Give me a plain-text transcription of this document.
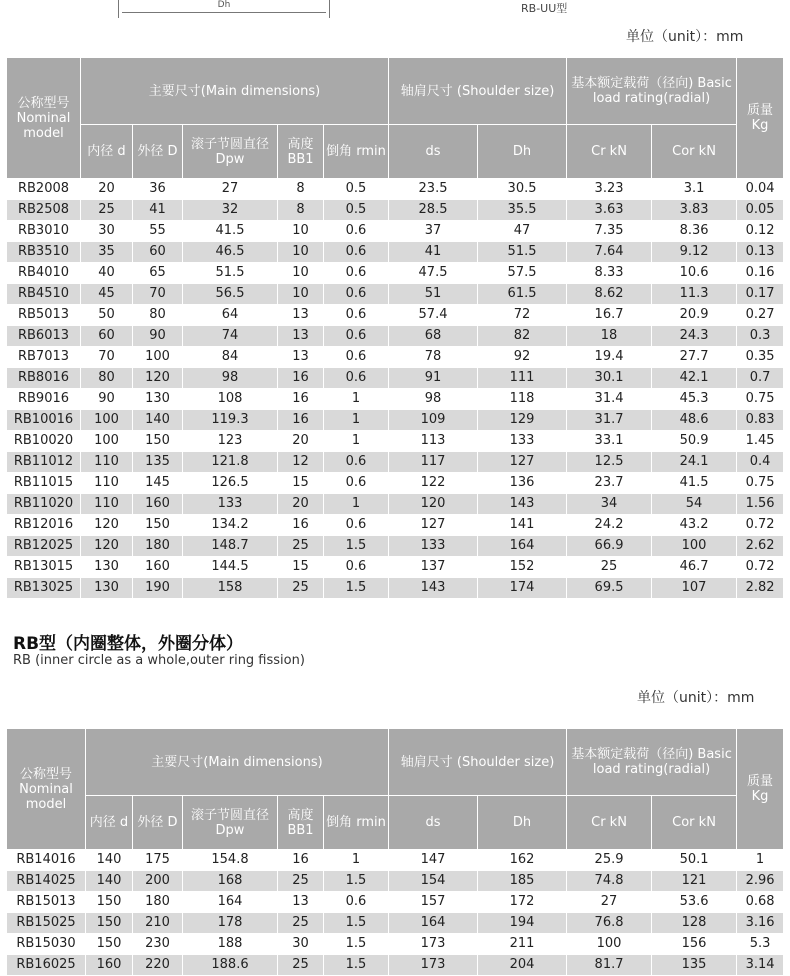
Dh	RB-UU型
单位（unit）：mm
公称型号 Nominal model	主要尺寸(Main dimensions)					轴肩尺寸 (Shoulder size)		基本额定载荷（径向) Basic load rating(radial)		质量 Kg
	内径 d	外径 D	滚子节圆直径 Dpw	高度 BB1	倒角 rmin	ds	Dh	Cr kN	Cor kN	
RB2008	20	36	27	8	0.5	23.5	30.5	3.23	3.1	0.04
RB2508	25	41	32	8	0.5	28.5	35.5	3.63	3.83	0.05
RB3010	30	55	41.5	10	0.6	37	47	7.35	8.36	0.12
RB3510	35	60	46.5	10	0.6	41	51.5	7.64	9.12	0.13
RB4010	40	65	51.5	10	0.6	47.5	57.5	8.33	10.6	0.16
RB4510	45	70	56.5	10	0.6	51	61.5	8.62	11.3	0.17
RB5013	50	80	64	13	0.6	57.4	72	16.7	20.9	0.27
RB6013	60	90	74	13	0.6	68	82	18	24.3	0.3
RB7013	70	100	84	13	0.6	78	92	19.4	27.7	0.35
RB8016	80	120	98	16	0.6	91	111	30.1	42.1	0.7
RB9016	90	130	108	16	1	98	118	31.4	45.3	0.75
RB10016	100	140	119.3	16	1	109	129	31.7	48.6	0.83
RB10020	100	150	123	20	1	113	133	33.1	50.9	1.45
RB11012	110	135	121.8	12	0.6	117	127	12.5	24.1	0.4
RB11015	110	145	126.5	15	0.6	122	136	23.7	41.5	0.75
RB11020	110	160	133	20	1	120	143	34	54	1.56
RB12016	120	150	134.2	16	0.6	127	141	24.2	43.2	0.72
RB12025	120	180	148.7	25	1.5	133	164	66.9	100	2.62
RB13015	130	160	144.5	15	0.6	137	152	25	46.7	0.72
RB13025	130	190	158	25	1.5	143	174	69.5	107	2.82
RB型（内圈整体，外圈分体）
RB (inner circle as a whole,outer ring fission)
单位（unit）：mm
公称型号 Nominal model	主要尺寸(Main dimensions)					轴肩尺寸 (Shoulder size)		基本额定载荷（径向) Basic load rating(radial)		质量 Kg
	内径 d	外径 D	滚子节圆直径 Dpw	高度 BB1	倒角 rmin	ds	Dh	Cr kN	Cor kN	
RB14016	140	175	154.8	16	1	147	162	25.9	50.1	1
RB14025	140	200	168	25	1.5	154	185	74.8	121	2.96
RB15013	150	180	164	13	0.6	157	172	27	53.6	0.68
RB15025	150	210	178	25	1.5	164	194	76.8	128	3.16
RB15030	150	230	188	30	1.5	173	211	100	156	5.3
RB16025	160	220	188.6	25	1.5	173	204	81.7	135	3.14
